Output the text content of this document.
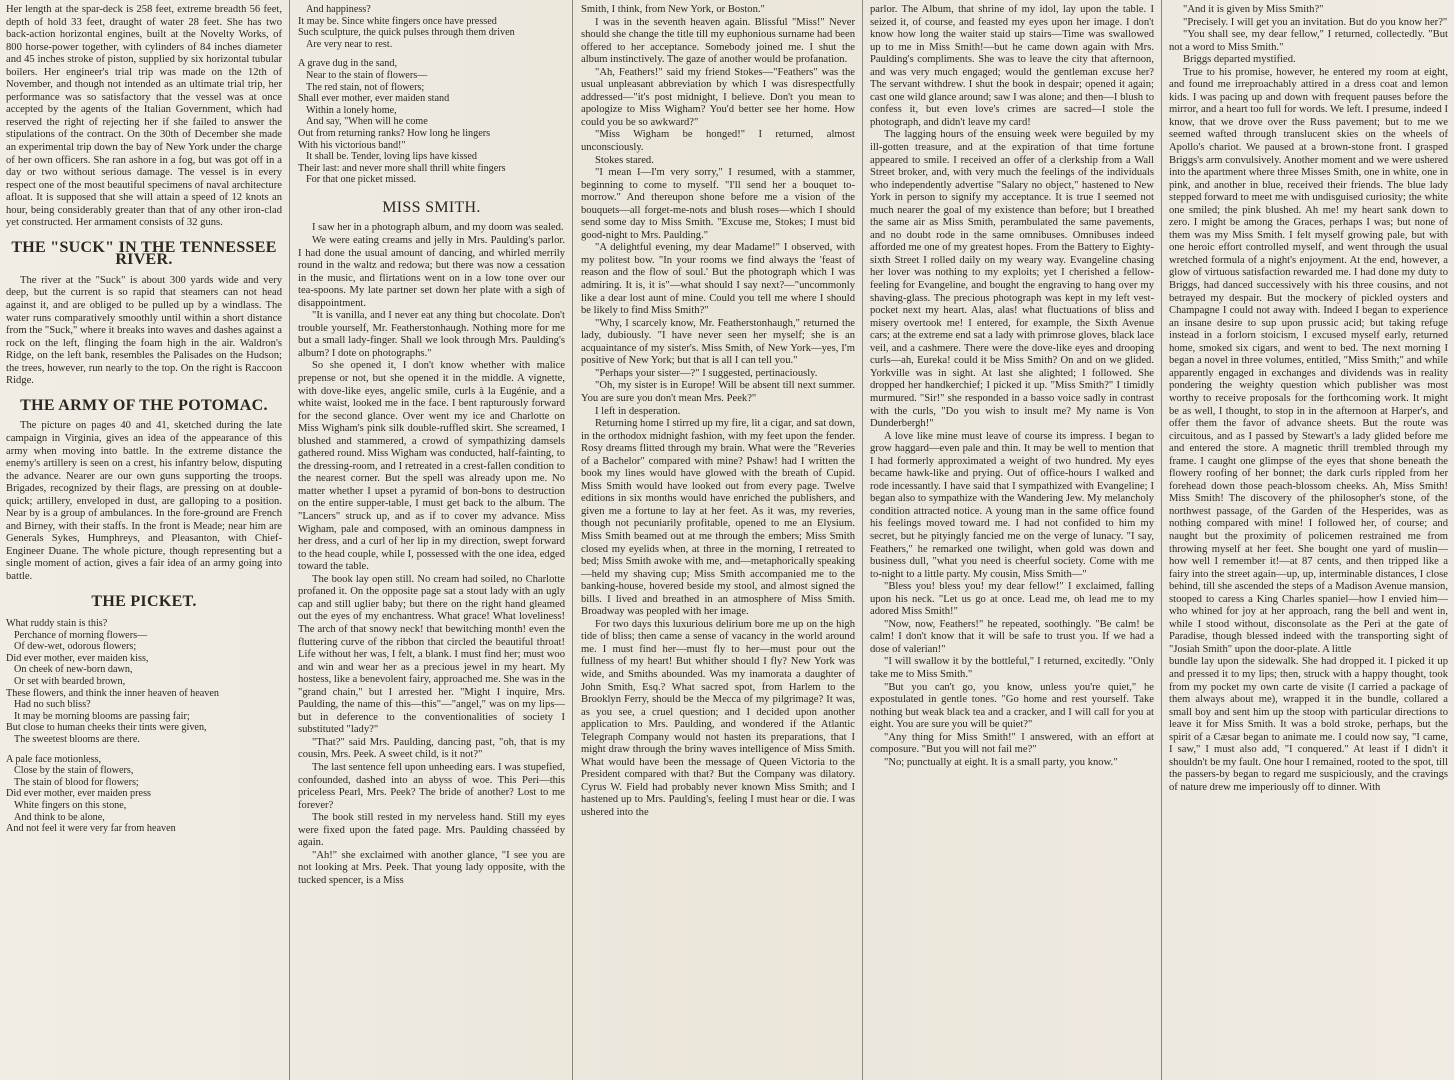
Her length at the spar-deck is 258 feet, extreme breadth 56 feet, depth of hold 33 feet, draught of water 28 feet. She has two back-action horizontal engines, built at the Novelty Works, of 800 horse-power together, with cylinders of 84 inches diameter and 45 inches stroke of piston, supplied by six horizontal tubular boilers. Her engineer's trial trip was made on the 12th of November, and though not intended as an ultimate trial trip, her performance was so satisfactory that the vessel was at once accepted by the agents of the Italian Government, which had reserved the right of rejecting her if she failed to answer the stipulations of the contract. On the 30th of December she made an experimental trip down the bay of New York under the charge of her own officers. She ran ashore in a fog, but was got off in a day or two without serious damage. The vessel is in every respect one of the most beautiful specimens of naval architecture afloat. It is supposed that she will attain a speed of 12 knots an hour, being considerably greater than that of any other iron-clad yet constructed. Her armament consists of 32 guns.

THE "SUCK" IN THE TENNESSEE RIVER.

The river at the "Suck" is about 300 yards wide and very deep, but the current is so rapid that steamers can not head against it, and are obliged to be pulled up by a windlass. The water runs comparatively smoothly until within a short distance from the "Suck," where it breaks into waves and dashes against a rock on the left, flinging the foam high in the air. Waldron's Ridge, on the left bank, resembles the Palisades on the Hudson; the trees, however, run nearly to the top. On the right is Raccoon Ridge.

THE ARMY OF THE POTOMAC.

The picture on pages 40 and 41, sketched during the late campaign in Virginia, gives an idea of the appearance of this army when moving into battle. In the extreme distance the enemy's artillery is seen on a crest, his infantry below, disputing the advance. Nearer are our own guns supporting the troops. Brigades, recognized by their flags, are pressing on at double-quick; artillery, enveloped in dust, are galloping to a position. Near by is a group of ambulances. In the fore-ground are French and Birney, with their staffs. In the front is Meade; near him are Generals Sykes, Humphreys, and Pleasanton, with Chief-Engineer Duane. The whole picture, though representing but a single moment of action, gives a fair idea of an army going into battle.

THE PICKET.
What ruddy stain is this?
Perchance of morning flowers—
Of dew-wet, odorous flowers;
Did ever mother, ever maiden kiss,
On cheek of new-born dawn,
Or set with bearded brown,
These flowers, and think the inner heaven of heaven
Had no such bliss?
It may be morning blooms are passing fair;
But close to human cheeks their tints were given,
The sweetest blooms are there.
A pale face motionless,
Close by the stain of flowers,
The stain of blood for flowers;
Did ever mother, ever maiden press
White fingers on this stone,
And think to be alone,
And not feel it were very far from heaven
And happiness?
It may be. Since white fingers once have pressed
Such sculpture, the quick pulses through them driven
Are very near to rest.
A grave dug in the sand,
Near to the stain of flowers—
The red stain, not of flowers;
Shall ever mother, ever maiden stand
Within a lonely home,
And say, "When will he come
Out from returning ranks? How long he lingers
With his victorious band!"
It shall be. Tender, loving lips have kissed
Their last: and never more shall thrill white fingers
For that one picket missed.
MISS SMITH.

I saw her in a photograph album, and my doom was sealed.

We were eating creams and jelly in Mrs. Paulding's parlor. I had done the usual amount of dancing, and whirled merrily round in the waltz and redowa; but there was now a cessation in the music, and flirtations went on in a low tone over our tea-spoons. My late partner set down her plate with a sigh of disappointment.

"It is vanilla, and I never eat any thing but chocolate. Don't trouble yourself, Mr. Featherstonhaugh. Nothing more for me but a small lady-finger. Shall we look through Mrs. Paulding's album? I dote on photographs."

So she opened it, I don't know whether with malice prepense or not, but she opened it in the middle. A vignette, with dove-like eyes, angelic smile, curls à la Eugénie, and a white waist, looked me in the face. I bent rapturously forward for the second glance. Over went my ice and Charlotte on Miss Wigham's pink silk double-ruffled skirt. She screamed, I blushed and stammered, a crowd of sympathizing damsels gathered round. Miss Wigham was conducted, half-fainting, to the dressing-room, and I retreated in a crest-fallen condition to the nearest corner. But the spell was already upon me. No matter whether I upset a pyramid of bon-bons to destruction on the entire supper-table, I must get back to the album. The "Lancers" struck up, and as if to cover my advance. Miss Wigham, pale and composed, with an ominous dampness in her dress, and a curl of her lip in my direction, swept forward to the head couple, while I, possessed with the one idea, edged toward the table.

The book lay open still. No cream had soiled, no Charlotte profaned it. On the opposite page sat a stout lady with an ugly cap and still uglier baby; but there on the right hand gleamed out the eyes of my enchantress. What grace! What loveliness! The arch of that snowy neck! that bewitching month! even the fluttering curve of the ribbon that circled the beautiful throat! Life without her was, I felt, a blank. I must find her; must woo and win and wear her as a precious jewel in my heart. My hostess, like a benevolent fairy, approached me. She was in the "grand chain," but I arrested her. "Might I inquire, Mrs. Paulding, the name of this—this"—"angel," was on my lips—but in deference to the conventionalities of society I substituted "lady?"

"That?" said Mrs. Paulding, dancing past, "oh, that is my cousin, Mrs. Peek. A sweet child, is it not?"

The last sentence fell upon unheeding ears. I was stupefied, confounded, dashed into an abyss of woe. This Peri—this priceless Pearl, Mrs. Peek? The bride of another? Lost to me forever?

The book still rested in my nerveless hand. Still my eyes were fixed upon the fated page. Mrs. Paulding chasséed by again.

"Ah!" she exclaimed with another glance, "I see you are not looking at Mrs. Peek. That young lady opposite, with the tucked spencer, is a Miss

Smith, I think, from New York, or Boston."

I was in the seventh heaven again. Blissful "Miss!" Never should she change the title till my euphonious surname had been offered to her acceptance. Somebody joined me. I shut the album instinctively. The gaze of another would be profanation.

"Ah, Feathers!" said my friend Stokes—"Feathers" was the usual unpleasant abbreviation by which I was disrespectfully addressed—"it's post midnight, I believe. Don't you mean to apologize to Miss Wigham? You'd better see her home. How could you be so awkward?"

"Miss Wigham be honged!" I returned, almost unconsciously.

Stokes stared.

"I mean I—I'm very sorry," I resumed, with a stammer, beginning to come to myself. "I'll send her a bouquet to-morrow." And thereupon shone before me a vision of the bouquets—all forget-me-nots and blush roses—which I should send some day to Miss Smith. "Excuse me, Stokes; I must bid good-night to Mrs. Paulding."

"A delightful evening, my dear Madame!" I observed, with my politest bow. "In your rooms we find always the 'feast of reason and the flow of soul.' But the photograph which I was admiring. It is, it is"—what should I say next?—"uncommonly like a dear lost aunt of mine. Could you tell me where I should be likely to find Miss Smith?"

"Why, I scarcely know, Mr. Featherstonhaugh," returned the lady, dubiously. "I have never seen her myself; she is an acquaintance of my sister's. Miss Smith, of New York—yes, I'm positive of New York; but that is all I can tell you."

"Perhaps your sister—?" I suggested, pertinaciously.

"Oh, my sister is in Europe! Will be absent till next summer. You are sure you don't mean Mrs. Peek?"

I left in desperation.

Returning home I stirred up my fire, lit a cigar, and sat down, in the orthodox midnight fashion, with my feet upon the fender. Rosy dreams flitted through my brain. What were the "Reveries of a Bachelor" compared with mine? Pshaw! had I written the book my lines would have glowed with the breath of Cupid. Miss Smith would have looked out from every page. Twelve editions in six months would have enriched the publishers, and given me a fortune to lay at her feet. As it was, my reveries, though not pecuniarily profitable, opened to me an Elysium. Miss Smith beamed out at me through the embers; Miss Smith closed my eyelids when, at three in the morning, I retreated to bed; Miss Smith awoke with me, and—metaphorically speaking—held my shaving cup; Miss Smith accompanied me to the banking-house, hovered beside my stool, and almost signed the bills. I lived and breathed in an atmosphere of Miss Smith. Broadway was peopled with her image.

For two days this luxurious delirium bore me up on the high tide of bliss; then came a sense of vacancy in the world around me. I must find her—must fly to her—must pour out the fullness of my heart! But whither should I fly? New York was wide, and Smiths abounded. Was my inamorata a daughter of John Smith, Esq.? What sacred spot, from Harlem to the Brooklyn Ferry, should be the Mecca of my pilgrimage? It was, as you see, a cruel question; and I decided upon another application to Mrs. Paulding, and wondered if the Atlantic Telegraph Company would not hasten its preparations, that I might draw through the briny waves intelligence of Miss Smith. What would have been the message of Queen Victoria to the President compared with that? But the Company was dilatory. Cyrus W. Field had probably never known Miss Smith; and I hastened up to Mrs. Paulding's, feeling I must hear or die. I was ushered into the

parlor. The Album, that shrine of my idol, lay upon the table. I seized it, of course, and feasted my eyes upon her image. I don't know how long the waiter staid up stairs—Time was swallowed up to me in Miss Smith!—but he came down again with Mrs. Paulding's compliments. She was to leave the city that afternoon, and was very much engaged; would the gentleman excuse her? The servant withdrew. I shut the book in despair; opened it again; cast one wild glance around; saw I was alone; and then—I blush to confess it, but even love's crimes are sacred—I stole the photograph, and didn't leave my card!

The lagging hours of the ensuing week were beguiled by my ill-gotten treasure, and at the expiration of that time fortune appeared to smile. I received an offer of a clerkship from a Wall Street broker, and, with very much the feelings of the individuals who independently advertise "Salary no object," hastened to New York in person to signify my acceptance. It is true I seemed not much nearer the goal of my existence than before; but I breathed the same air as Miss Smith, perambulated the same pavements, and no doubt rode in the same omnibuses. Omnibuses indeed afforded me one of my greatest hopes. From the Battery to Eighty-sixth Street I rolled daily on my weary way. Evangeline chasing her lover was nothing to my exploits; yet I cherished a fellow-feeling for Evangeline, and bought the engraving to hang over my shaving-glass. The precious photograph was kept in my left vest-pocket next my heart. Alas, alas! what fluctuations of bliss and misery overtook me! I entered, for example, the Sixth Avenue cars; at the extreme end sat a lady with primrose gloves, black lace veil, and a cashmere. There were the dove-like eyes and drooping curls—ah, Eureka! could it be Miss Smith? On and on we glided. Yorkville was in sight. At last she alighted; I followed. She dropped her handkerchief; I picked it up. "Miss Smith?" I timidly murmured. "Sir!" she responded in a basso voice sadly in contrast with the curls, "Do you wish to insult me? My name is Von Dunderbergh!"

A love like mine must leave of course its impress. I began to grow haggard—even pale and thin. It may be well to mention that I had formerly approximated a weight of two hundred. My eyes became hawk-like and prying. Out of office-hours I walked and rode incessantly. I have said that I sympathized with Evangeline; I began also to sympathize with the Wandering Jew. My melancholy condition attracted notice. A young man in the same office found his feelings moved toward me. I had not confided to him my secret, but he pityingly fancied me on the verge of lunacy. "I say, Feathers," he remarked one twilight, when gold was down and business dull, "what you need is cheerful society. Come with me to-night to a little party. My cousin, Miss Smith—"

"Bless you! bless you! my dear fellow!" I exclaimed, falling upon his neck. "Let us go at once. Lead me, oh lead me to my adored Miss Smith!"

"Now, now, Feathers!" he repeated, soothingly. "Be calm! be calm! I don't know that it will be safe to trust you. If we had a dose of valerian!"

"I will swallow it by the bottleful," I returned, excitedly. "Only take me to Miss Smith."

"But you can't go, you know, unless you're quiet," he expostulated in gentle tones. "Go home and rest yourself. Take nothing but weak black tea and a cracker, and I will call for you at eight. You are sure you will be quiet?"

"Any thing for Miss Smith!" I answered, with an effort at composure. "But you will not fail me?"

"No; punctually at eight. It is a small party, you know."

"And it is given by Miss Smith?"

"Precisely. I will get you an invitation. But do you know her?"

"You shall see, my dear fellow," I returned, collectedly. "But not a word to Miss Smith."

Briggs departed mystified.

True to his promise, however, he entered my room at eight, and found me irreproachably attired in a dress coat and lemon kids. I was pacing up and down with frequent pauses before the mirror, and a heart too full for words. We left. I presume, indeed I know, that we drove over the Russ pavement; but to me we seemed wafted through translucent skies on the wheels of Apollo's chariot. We paused at a brown-stone front. I grasped Briggs's arm convulsively. Another moment and we were ushered into the apartment where three Misses Smith, one in white, one in pink, and another in blue, received their friends. The blue lady stepped forward to meet me with undisguised curiosity; the white one smiled; the pink blushed. Ah me! my heart sank down to zero. I might be among the Graces, perhaps I was; but none of them was my Miss Smith. I felt myself growing pale, but with one heroic effort controlled myself, and went through the usual wretched formula of a night's enjoyment. At the end, however, a glow of virtuous satisfaction rewarded me. I had done my duty to Briggs, had danced successively with his three cousins, and not betrayed my despair. But the mockery of pickled oysters and Champagne I could not away with. Indeed I began to experience an insane desire to sup upon prussic acid; but taking refuge instead in a forlorn stoicism, I excused myself early, returned home, smoked six cigars, and went to bed. The next morning I began a novel in three volumes, entitled, "Miss Smith;" and while apparently engaged in exchanges and dividends was in reality pondering the weighty question which publisher was most worthy to receive proposals for the forthcoming work. It might be as well, I thought, to stop in in the afternoon at Harper's, and offer them the favor of advance sheets. But the route was circuitous, and as I passed by Stewart's a lady glided before me and entered the store. A magnetic thrill trembled through my frame. I caught one glimpse of the eyes that shone beneath the flowery roofing of her bonnet; the dark curls rippled from her forehead down those peach-blossom cheeks. Ah, Miss Smith! Miss Smith! The discovery of the philosopher's stone, of the northwest passage, of the Garden of the Hesperides, was as nothing compared with mine! I followed her, of course; and naught but the proximity of policemen restrained me from throwing myself at her feet. She bought one yard of muslin—how well I remember it!—at 87 cents, and then tripped like a fairy into the street again—up, up, interminable distances, I close behind, till she ascended the steps of a Madison Avenue mansion, stooped to caress a King Charles spaniel—how I envied him—who whined for joy at her approach, rang the bell and went in, while I stood without, disconsolate as the Peri at the gate of Paradise, though blessed indeed with the transporting sight of "Josiah Smith" upon the door-plate. A little

bundle lay upon the sidewalk. She had dropped it. I picked it up and pressed it to my lips; then, struck with a happy thought, took from my pocket my own carte de visite (I carried a package of them always about me), wrapped it in the bundle, collared a small boy and sent him up the stoop with particular directions to leave it for Miss Smith. It was a bold stroke, perhaps, but the spirit of a Cæsar began to animate me. I could now say, "I came, I saw," I must also add, "I conquered." At least if I didn't it shouldn't be my fault. One hour I remained, rooted to the spot, till the passers-by began to regard me suspiciously, and the cravings of nature drew me imperiously off to dinner. With
